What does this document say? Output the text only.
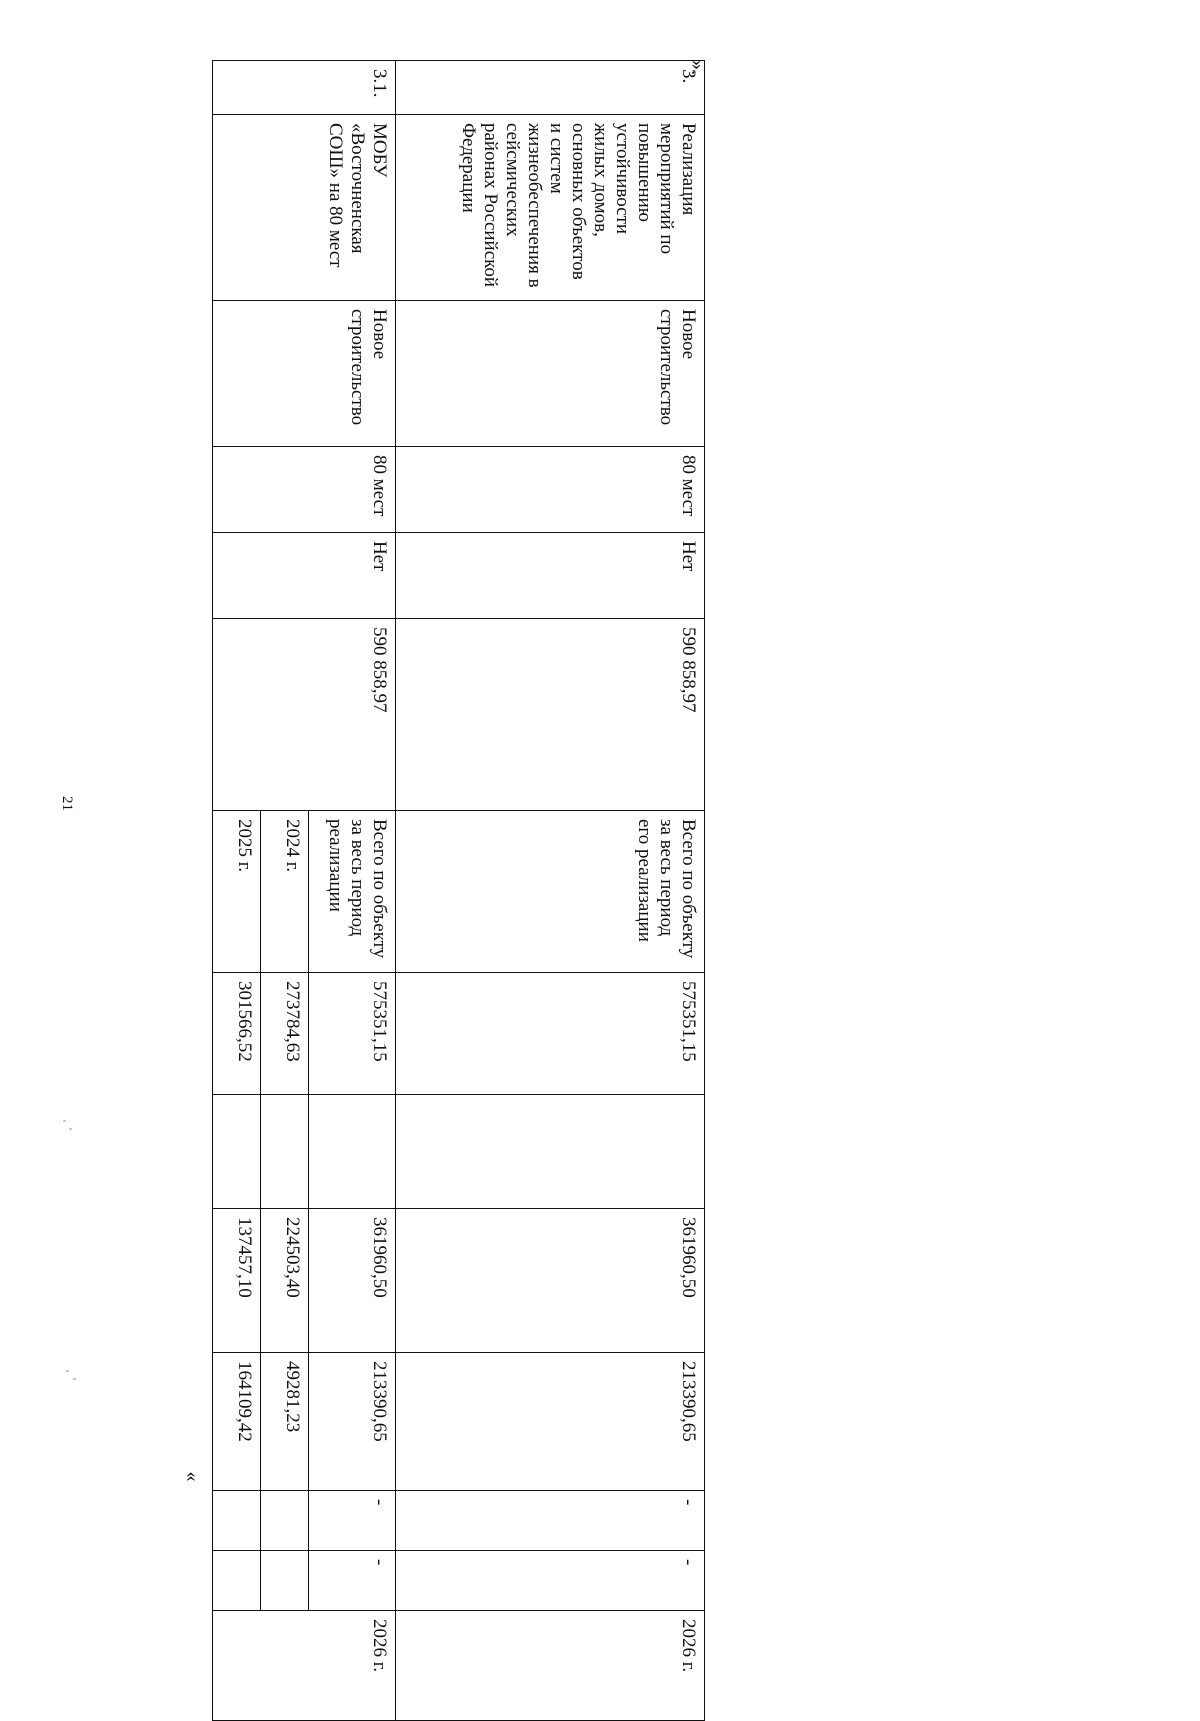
21
«
».
3.	Реализация мероприятий по повышению устойчивости жилых домов, основных объектов и систем жизнеобеспечения в сейсмических районах Российской Федерации	Новое строительство	80 мест	Нет	590 858,97	Всего по объекту за весь период его реализации	575351,15		361960,50	213390,65	-	-	2026 г.
3.1.	МОБУ «Восточненская СОШ» на 80 мест	Новое строительство	80 мест	Нет	590 858,97	Всего по объекту за весь период реализации	575351,15		361960,50	213390,65	-	-	2026 г.
						2024 г.	273784,63		224503,40	49281,23			
						2025 г.	301566,52		137457,10	164109,42			
